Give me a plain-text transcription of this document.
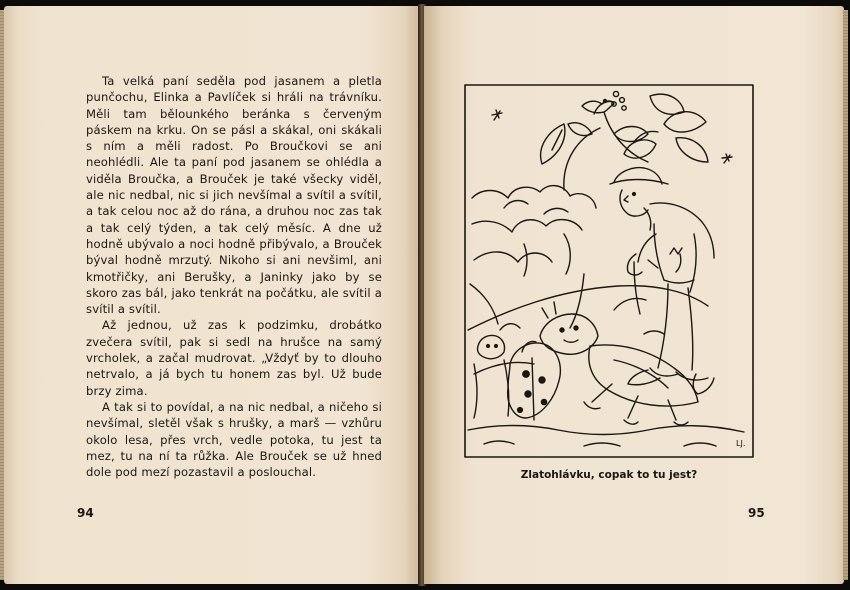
Ta velká paní seděla pod jasanem a pletla punčochu, Elinka a Pavlíček si hráli na trávníku. Měli tam bělounkého beránka s červeným páskem na krku. On se pásl a skákal, oni skákali s ním a měli radost. Po Broučkovi se ani neohlédli. Ale ta paní pod jasanem se ohlédla a viděla Broučka, a Brouček je také všecky viděl, ale nic nedbal, nic si jich nevšímal a svítil a svítil, a tak celou noc až do rána, a druhou noc zas tak a tak celý týden, a tak celý měsíc. A dne už hodně ubývalo a noci hodně přibývalo, a Brouček býval hodně mrzutý. Nikoho si ani nevšiml, ani kmotřičky, ani Berušky, a Janinky jako by se skoro zas bál, jako tenkrát na počátku, ale svítil a svítil a svítil.

Až jednou, už zas k podzimku, drobátko zvečera svítil, pak si sedl na hrušce na samý vrcholek, a začal mudrovat. „Vždyť by to dlouho netrvalo, a já bych tu honem zas byl. Už bude brzy zima.

A tak si to povídal, a na nic nedbal, a ničeho si nevšímal, sletěl však s hrušky, a marš — vzhůru okolo lesa, přes vrch, vedle potoka, tu jest ta mez, tu na ní ta růžka. Ale Brouček se už hned dole pod mezí pozastavil a poslouchal.

94	95
LJ.
Zlatohlávku, copak to tu jest?
